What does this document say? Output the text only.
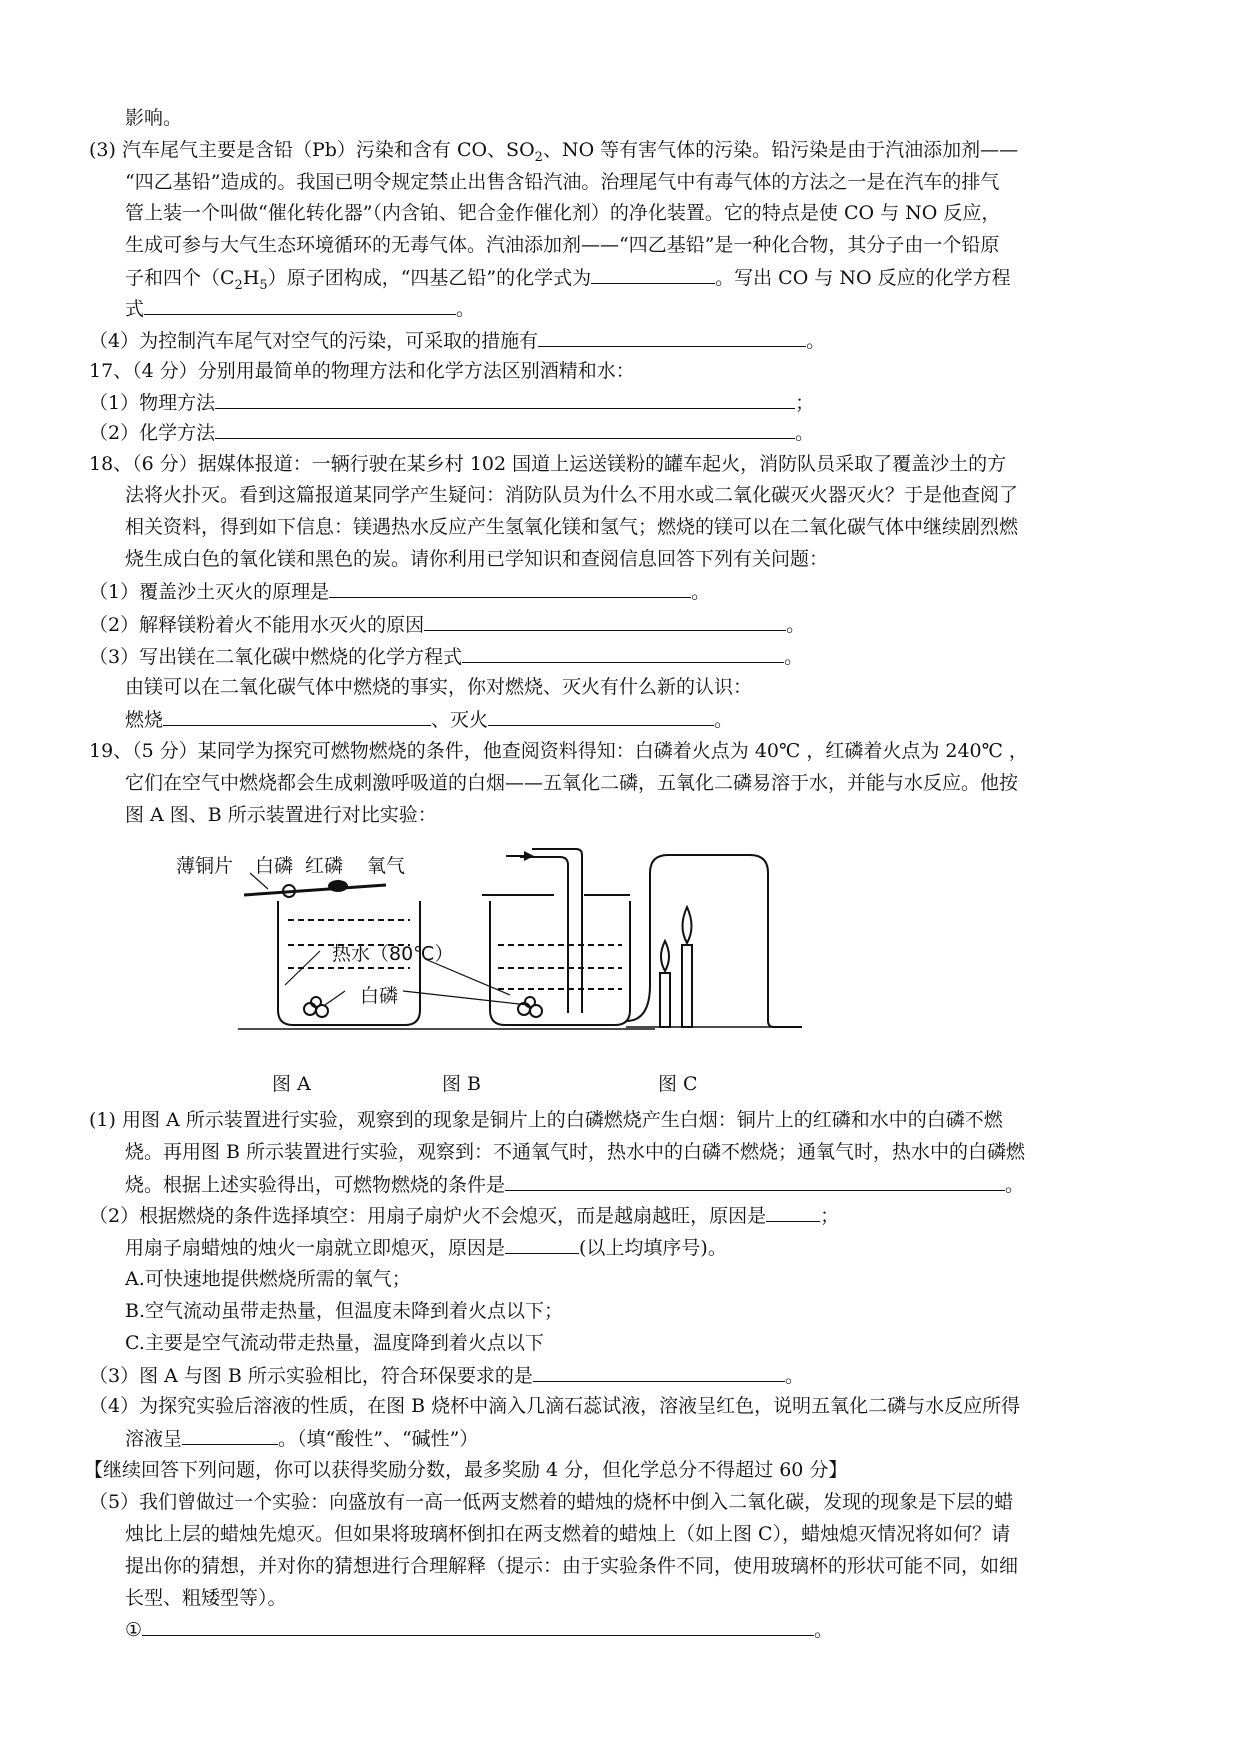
影响。
(3) 汽车尾气主要是含铅（Pb）污染和含有 CO、$SO_2$、NO 等有害气体的污染。铅污染是由于汽油添加剂——
“四乙基铅”造成的。我国已明令规定禁止出售含铅汽油。治理尾气中有毒气体的方法之一是在汽车的排气
管上装一个叫做“催化转化器”（内含铂、钯合金作催化剂）的净化装置。它的特点是使 CO 与 NO 反应，
生成可参与大气生态环境循环的无毒气体。汽油添加剂——“四乙基铅”是一种化合物，其分子由一个铅原
子和四个$(C_2H_5)$原子团构成，“四基乙铅”的化学式为	。写出 CO 与 NO 反应的化学方程
式	。
（4）为控制汽车尾气对空气的污染，可采取的措施有	。
17、（4 分）分别用最简单的物理方法和化学方法区别酒精和水：
（1）物理方法	；
（2）化学方法	。
18、（6 分）据媒体报道：一辆行驶在某乡村 102 国道上运送镁粉的罐车起火，消防队员采取了覆盖沙土的方
法将火扑灭。看到这篇报道某同学产生疑问：消防队员为什么不用水或二氧化碳灭火器灭火？于是他查阅了
相关资料，得到如下信息：镁遇热水反应产生氢氧化镁和氢气；燃烧的镁可以在二氧化碳气体中继续剧烈燃
烧生成白色的氧化镁和黑色的炭。请你利用已学知识和查阅信息回答下列有关问题：
（1）覆盖沙土灭火的原理是	。
（2）解释镁粉着火不能用水灭火的原因	。
（3）写出镁在二氧化碳中燃烧的化学方程式	。
由镁可以在二氧化碳气体中燃烧的事实，你对燃烧、灭火有什么新的认识：
燃烧	、灭火	。
19、（5 分）某同学为探究可燃物燃烧的条件，他查阅资料得知：白磷着火点为 40℃ ，红磷着火点为 240℃ ，
它们在空气中燃烧都会生成刺激呼吸道的白烟——五氧化二磷，五氧化二磷易溶于水，并能与水反应。他按
图 A 图、B 所示装置进行对比实验：
薄铜片 白磷 红磷 氧气
热水（80℃）
白磷
图 A	图 B	图 C
(1) 用图 A 所示装置进行实验，观察到的现象是铜片上的白磷燃烧产生白烟：铜片上的红磷和水中的白磷不燃
烧。再用图 B 所示装置进行实验，观察到：不通氧气时，热水中的白磷不燃烧；通氧气时，热水中的白磷燃
烧。根据上述实验得出，可燃物燃烧的条件是	。
（2）根据燃烧的条件选择填空：用扇子扇炉火不会熄灭，而是越扇越旺，原因是	；
用扇子扇蜡烛的烛火一扇就立即熄灭，原因是	(以上均填序号)。
A.可快速地提供燃烧所需的氧气；
B.空气流动虽带走热量，但温度未降到着火点以下；
C.主要是空气流动带走热量，温度降到着火点以下
（3）图 A 与图 B 所示实验相比，符合环保要求的是	。
（4）为探究实验后溶液的性质，在图 B 烧杯中滴入几滴石蕊试液，溶液呈红色，说明五氧化二磷与水反应所得
溶液呈	。（填“酸性”、“碱性”）
【继续回答下列问题，你可以获得奖励分数，最多奖励 4 分，但化学总分不得超过 60 分】
（5）我们曾做过一个实验：向盛放有一高一低两支燃着的蜡烛的烧杯中倒入二氧化碳，发现的现象是下层的蜡
烛比上层的蜡烛先熄灭。但如果将玻璃杯倒扣在两支燃着的蜡烛上（如上图 C），蜡烛熄灭情况将如何？请
提出你的猜想，并对你的猜想进行合理解释（提示：由于实验条件不同，使用玻璃杯的形状可能不同，如细
长型、粗矮型等）。
①	。
